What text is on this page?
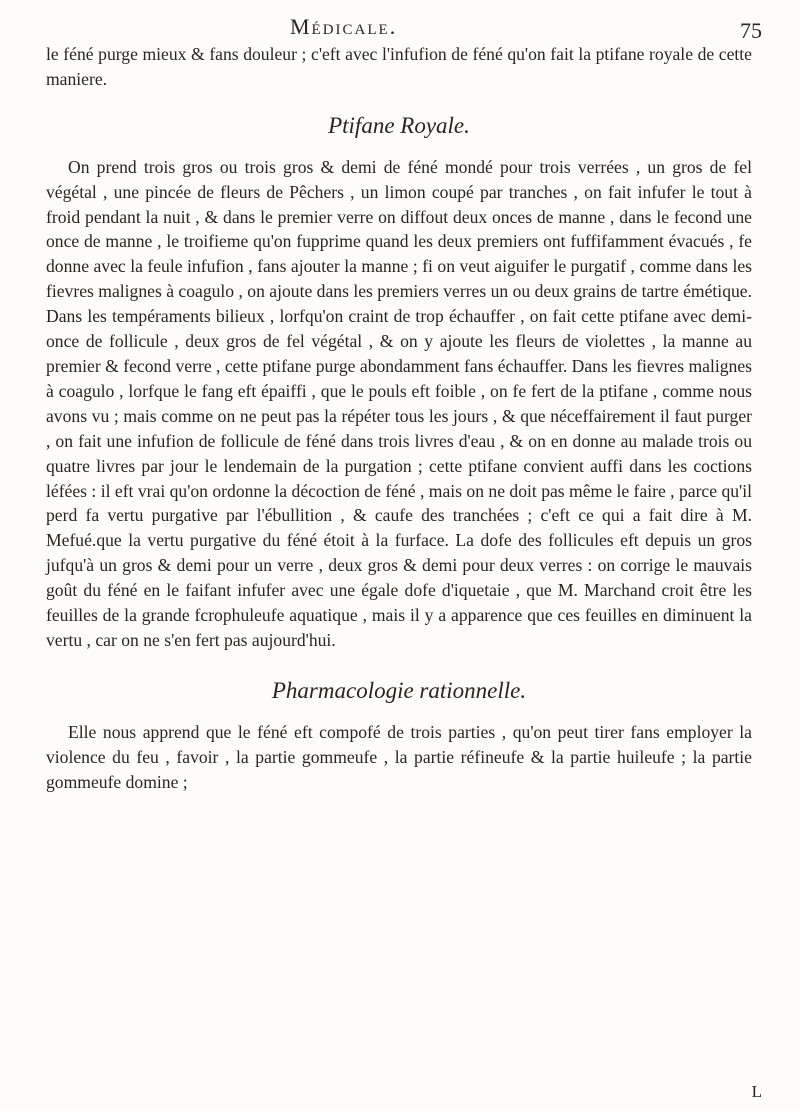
Médicale.	75

le féné purge mieux & fans douleur ; c'eft avec l'infufion de féné qu'on fait la ptifane royale de cette maniere.

Ptifane Royale.

On prend trois gros ou trois gros & demi de féné mondé pour trois verrées , un gros de fel végétal , une pincée de fleurs de Pêchers , un limon coupé par tranches , on fait infufer le tout à froid pendant la nuit , & dans le premier verre on diffout deux onces de manne , dans le fecond une once de manne , le troifieme qu'on fupprime quand les deux premiers ont fuffifamment évacués , fe donne avec la feule infufion , fans ajouter la manne ; fi on veut aiguifer le purgatif , comme dans les fievres malignes à coagulo , on ajoute dans les premiers verres un ou deux grains de tartre émétique. Dans les tempéraments bilieux , lorfqu'on craint de trop échauffer , on fait cette ptifane avec demi-once de follicule , deux gros de fel végétal , & on y ajoute les fleurs de violettes , la manne au premier & fecond verre , cette ptifane purge abondamment fans échauffer. Dans les fievres malignes à coagulo , lorfque le fang eft épaiffi , que le pouls eft foible , on fe fert de la ptifane , comme nous avons vu ; mais comme on ne peut pas la répéter tous les jours , & que néceffairement il faut purger , on fait une infufion de follicule de féné dans trois livres d'eau , & on en donne au malade trois ou quatre livres par jour le lendemain de la purgation ; cette ptifane convient auffi dans les coctions léfées : il eft vrai qu'on ordonne la décoction de féné , mais on ne doit pas même le faire , parce qu'il perd fa vertu purgative par l'ébullition , & caufe des tranchées ; c'eft ce qui a fait dire à M. Mefué.que la vertu purgative du féné étoit à la furface. La dofe des follicules eft depuis un gros jufqu'à un gros & demi pour un verre , deux gros & demi pour deux verres : on corrige le mauvais goût du féné en le faifant infufer avec une égale dofe d'iquetaie , que M. Marchand croit être les feuilles de la grande fcrophuleufe aquatique , mais il y a apparence que ces feuilles en diminuent la vertu , car on ne s'en fert pas aujourd'hui.

Pharmacologie rationnelle.

Elle nous apprend que le féné eft compofé de trois parties , qu'on peut tirer fans employer la violence du feu , favoir , la partie gommeufe , la partie réfineufe & la partie huileufe ; la partie gommeufe domine ;

L
